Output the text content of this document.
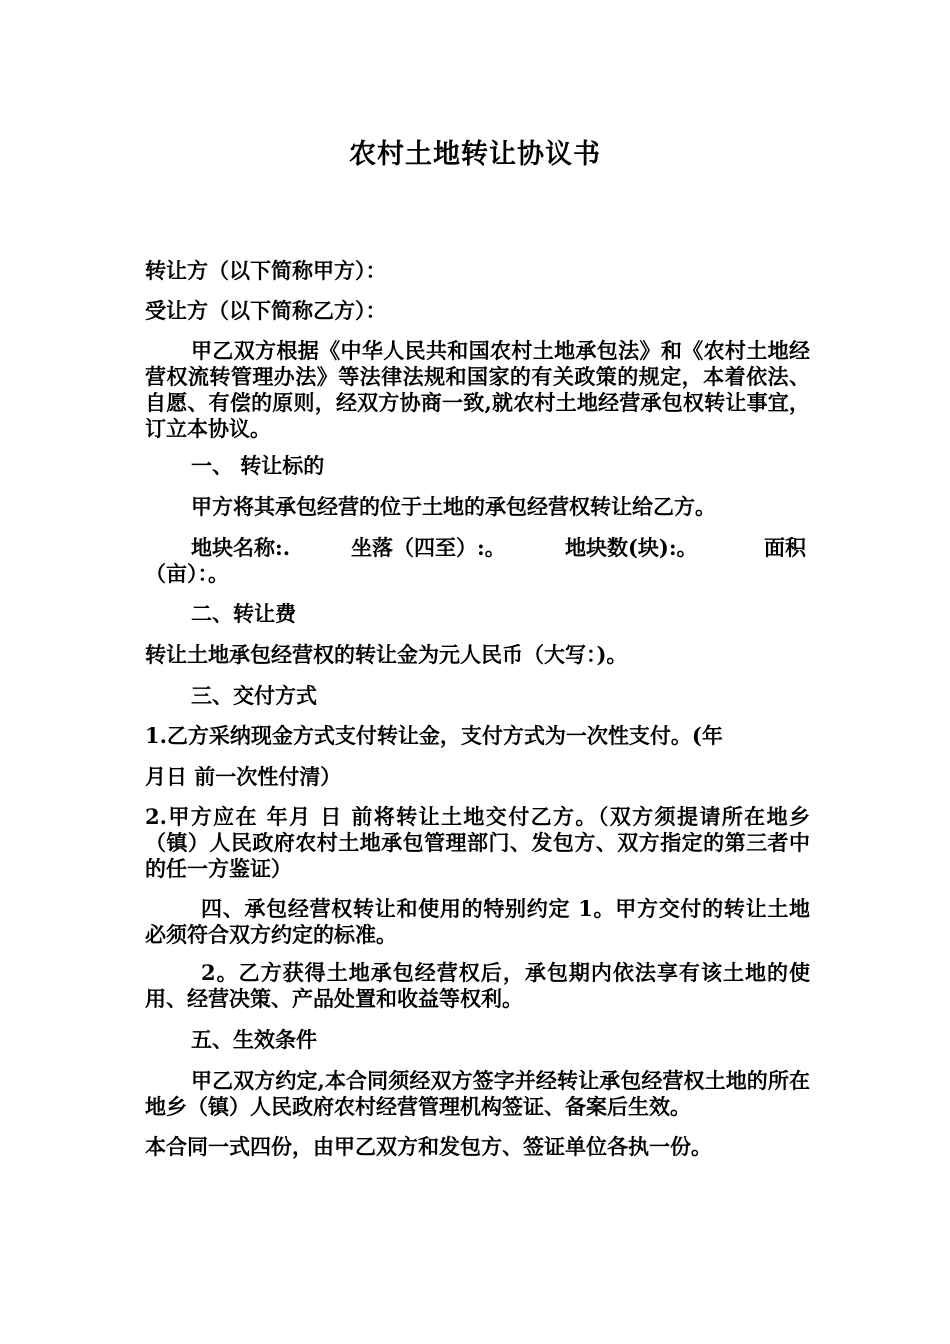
农村土地转让协议书
转让方（以下简称甲方）：
受让方（以下简称乙方）：
甲乙双方根据《中华人民共和国农村土地承包法》和《农村土地经营权流转管理办法》等法律法规和国家的有关政策的规定，本着依法、自愿、有偿的原则，经双方协商一致,就农村土地经营承包权转让事宜，订立本协议。
一、 转让标的
甲方将其承包经营的位于土地的承包经营权转让给乙方。
地块名称:.	坐落（四至）:。	地块数(块):。	面积
（亩）：。
二、转让费
转让土地承包经营权的转让金为元人民币（大写：)。
三、交付方式
1.乙方采纳现金方式支付转让金，支付方式为一次性支付。(年
月日 前一次性付清）
2.甲方应在 年月 日 前将转让土地交付乙方。（双方须提请所在地乡（镇）人民政府农村土地承包管理部门、发包方、双方指定的第三者中的任一方鉴证）
四、承包经营权转让和使用的特别约定 1。甲方交付的转让土地必须符合双方约定的标准。
2。乙方获得土地承包经营权后，承包期内依法享有该土地的使用、经营决策、产品处置和收益等权利。
五、生效条件
甲乙双方约定,本合同须经双方签字并经转让承包经营权土地的所在地乡（镇）人民政府农村经营管理机构签证、备案后生效。
本合同一式四份，由甲乙双方和发包方、签证单位各执一份。
